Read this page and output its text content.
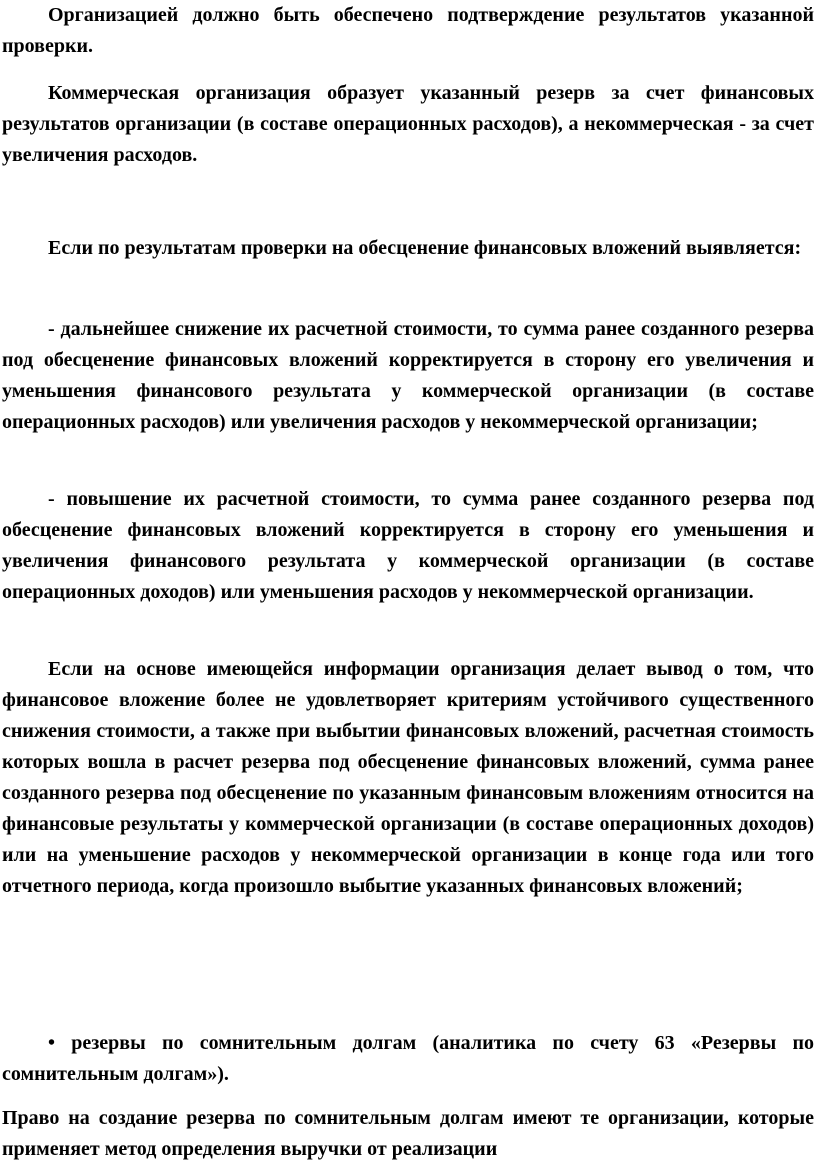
Организацией должно быть обеспечено подтверждение результатов указанной проверки.

Коммерческая организация образует указанный резерв за счет финансовых результатов организации (в составе операционных расходов), а некоммерческая - за счет увеличения расходов.

Если по результатам проверки на обесценение финансовых вложений выявляется:

- дальнейшее снижение их расчетной стоимости, то сумма ранее созданного резерва под обесценение финансовых вложений корректируется в сторону его увеличения и уменьшения финансового результата у коммерческой организации (в составе операционных расходов) или увеличения расходов у некоммерческой организации;

- повышение их расчетной стоимости, то сумма ранее созданного резерва под обесценение финансовых вложений корректируется в сторону его уменьшения и увеличения финансового результата у коммерческой организации (в составе операционных доходов) или уменьшения расходов у некоммерческой организации.

Если на основе имеющейся информации организация делает вывод о том, что финансовое вложение более не удовлетворяет критериям устойчивого существенного снижения стоимости, а также при выбытии финансовых вложений, расчетная стоимость которых вошла в расчет резерва под обесценение финансовых вложений, сумма ранее созданного резерва под обесценение по указанным финансовым вложениям относится на финансовые результаты у коммерческой организации (в составе операционных доходов) или на уменьшение расходов у некоммерческой организации в конце года или того отчетного периода, когда произошло выбытие указанных финансовых вложений;

• резервы по сомнительным долгам (аналитика по счету 63 «Резервы по сомнительным долгам»).

Право на создание резерва по сомнительным долгам имеют те организации, которые применяет метод определения выручки от реализации
